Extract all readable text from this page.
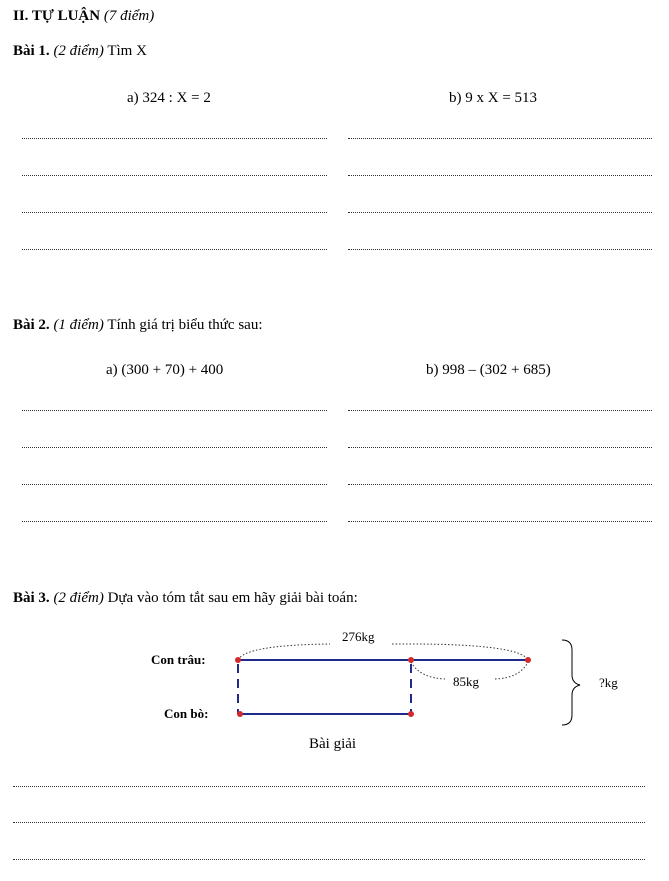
II. TỰ LUẬN (7 điểm)
Bài 1. (2 điểm) Tìm X
a) 324 : X = 2	b) 9 x X = 513
Bài 2. (1 điểm) Tính giá trị biểu thức sau:
a) (300 + 70) + 400	b) 998 – (302 + 685)
Bài 3. (2 điểm) Dựa vào tóm tắt sau em hãy giải bài toán:
276kg
85kg	?kg
Con trâu:
Con bò:
Bài giải
